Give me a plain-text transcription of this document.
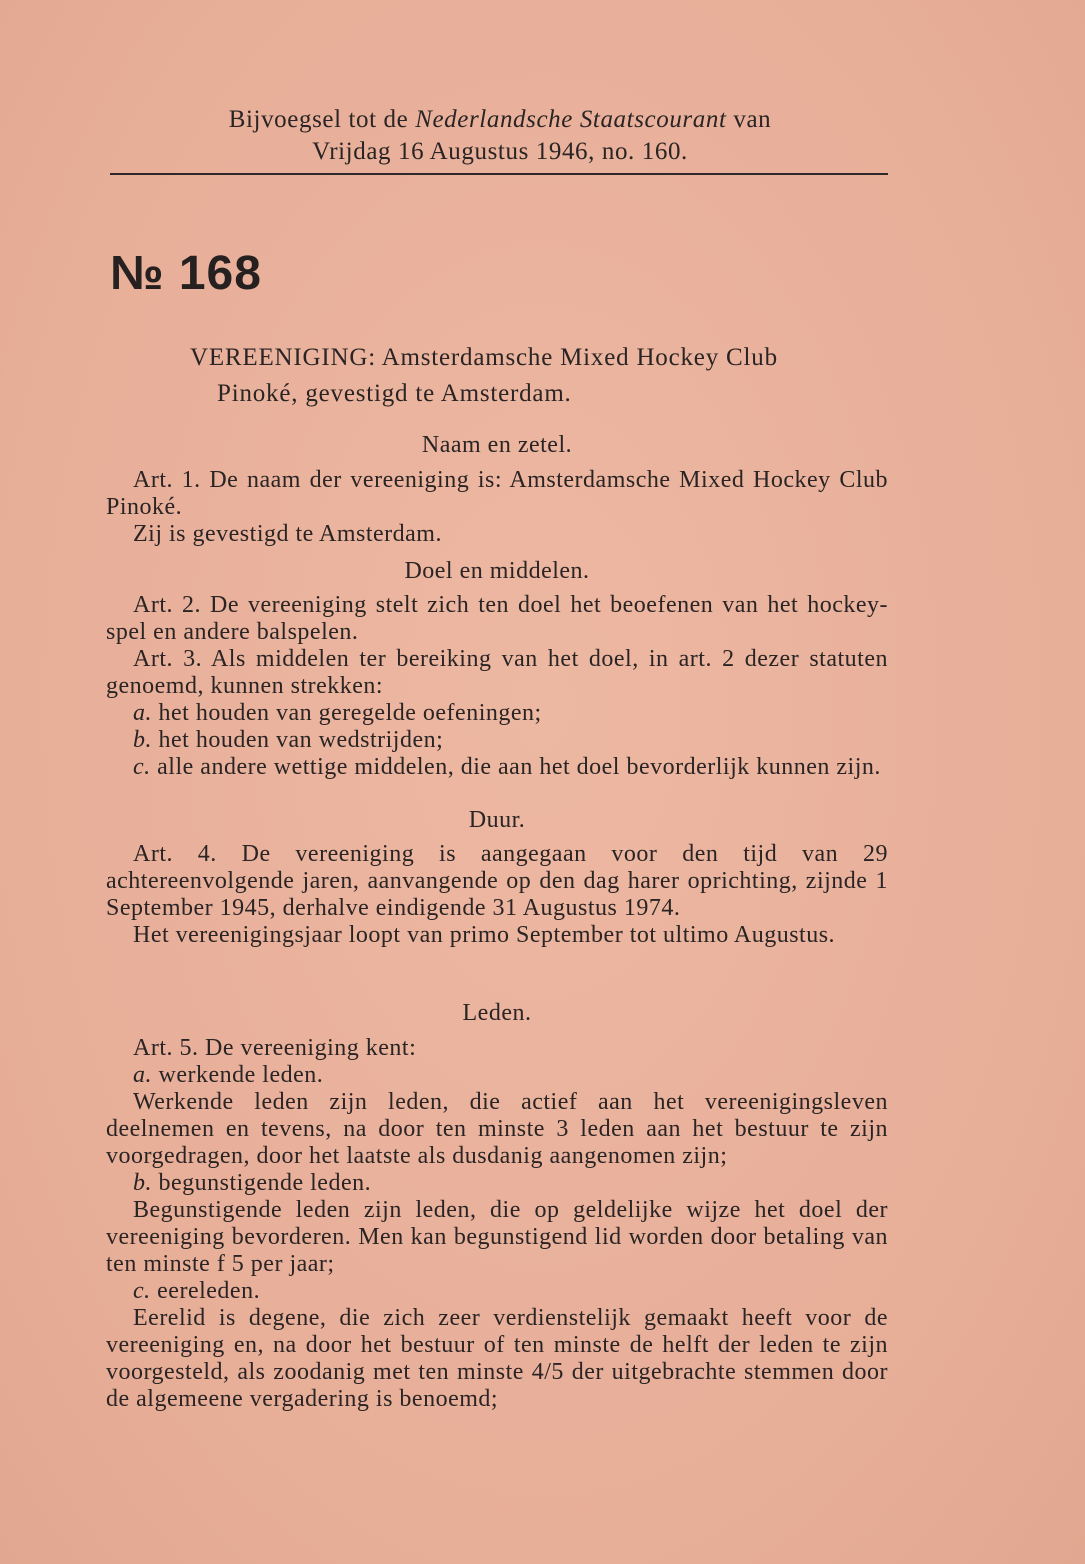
Bijvoegsel tot de Nederlandsche Staatscourant van
Vrijdag 16 Augustus 1946, no. 160.
№ 168
VEREENIGING: Amsterdamsche Mixed Hockey Club
Pinoké, gevestigd te Amsterdam.

Naam en zetel.

Art. 1. De naam der vereeniging is: Amsterdamsche Mixed Hockey Club Pinoké.

Zij is gevestigd te Amsterdam.

Doel en middelen.

Art. 2. De vereeniging stelt zich ten doel het beoefenen van het hockey-spel en andere balspelen.

Art. 3. Als middelen ter bereiking van het doel, in art. 2 dezer statuten genoemd, kunnen strekken:

a. het houden van geregelde oefeningen;

b. het houden van wedstrijden;

c. alle andere wettige middelen, die aan het doel bevorderlijk kunnen zijn.

Duur.

Art. 4. De vereeniging is aangegaan voor den tijd van 29 achtereenvolgende jaren, aanvangende op den dag harer oprichting, zijnde 1 September 1945, derhalve eindigende 31 Augustus 1974.

Het vereenigingsjaar loopt van primo September tot ultimo Augustus.

Leden.

Art. 5. De vereeniging kent:

a. werkende leden.

Werkende leden zijn leden, die actief aan het vereenigingsleven deelnemen en tevens, na door ten minste 3 leden aan het bestuur te zijn voorgedragen, door het laatste als dusdanig aangenomen zijn;

b. begunstigende leden.

Begunstigende leden zijn leden, die op geldelijke wijze het doel der vereeniging bevorderen. Men kan begunstigend lid worden door betaling van ten minste f 5 per jaar;

c. eereleden.

Eerelid is degene, die zich zeer verdienstelijk gemaakt heeft voor de vereeniging en, na door het bestuur of ten minste de helft der leden te zijn voorgesteld, als zoodanig met ten minste 4/5 der uitgebrachte stemmen door de algemeene vergadering is benoemd;
